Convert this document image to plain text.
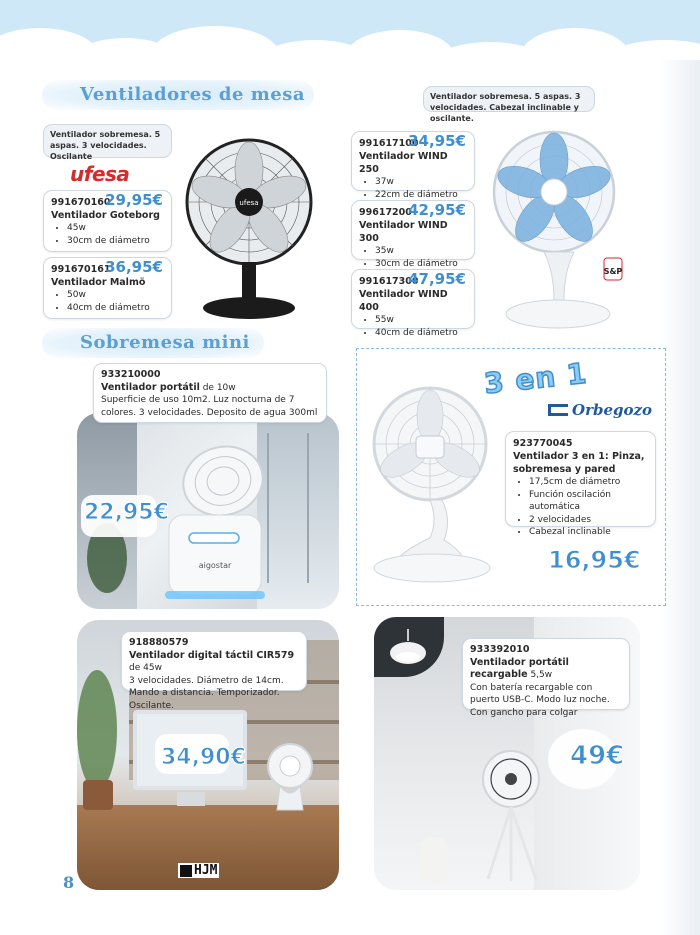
Ventiladores de mesa
Sobremesa mini
Ventilador sobremesa. 5 aspas. 3 velocidades. Oscilante
ufesa
991670160
29,95€
Ventilador Goteborg
• 45w
• 30cm de diámetro
991670161
36,95€
Ventilador Malmö
• 50w
• 40cm de diámetro
ufesa
Ventilador sobremesa. 5 aspas. 3 velocidades. Cabezal inclinable y oscilante.
991617100
34,95€
Ventilador WIND 250
• 37w
• 22cm de diámetro
99617200
42,95€
Ventilador WIND 300
• 35w
• 30cm de diámetro
991617300
47,95€
Ventilador WIND 400
• 55w
• 40cm de diámetro
S&P
aigostar
22,95€
933210000
Ventilador portátil de 10w
Superficie de uso 10m2. Luz nocturna de 7 colores. 3 velocidades. Deposito de agua 300ml
3 en 1
Orbegozo
923770045
Ventilador 3 en 1: Pinza, sobremesa y pared
• 17,5cm de diámetro
• Función oscilación automática
• 2 velocidades
• Cabezal inclinable
16,95€
34,90€
HJM
918880579
Ventilador digital táctil CIR579 de 45w
3 velocidades. Diámetro de 14cm. Mando a distancia. Temporizador. Oscilante.
49€
933392010
Ventilador portátil recargable 5,5w
Con batería recargable con puerto USB-C. Modo luz noche. Con gancho para colgar
8
